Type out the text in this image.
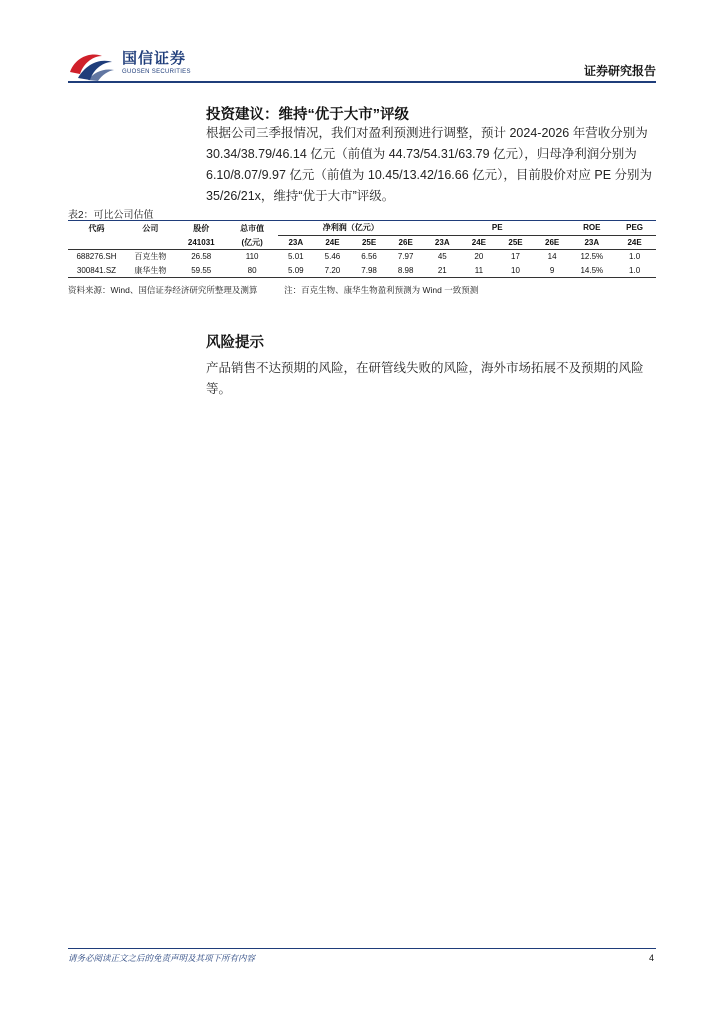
国信证券
GUOSEN SECURITIES	证券研究报告
投资建议：维持“优于大市”评级
根据公司三季报情况，我们对盈利预测进行调整，预计 2024-2026 年营收分别为 30.34/38.79/46.14 亿元（前值为 44.73/54.31/63.79 亿元），归母净利润分别为 6.10/8.07/9.97 亿元（前值为 10.45/13.42/16.66 亿元），目前股价对应 PE 分别为 35/26/21x，维持“优于大市”评级。
表2：可比公司估值
代码	公司	股价	总市值	净利润（亿元）				PE				ROE	PEG
		241031	(亿元)	23A	24E	25E	26E	23A	24E	25E	26E	23A	24E
688276.SH	百克生物	26.58	110	5.01	5.46	6.56	7.97	45	20	17	14	12.5%	1.0
300841.SZ	康华生物	59.55	80	5.09	7.20	7.98	8.98	21	11	10	9	14.5%	1.0
资料来源：Wind、国信证券经济研究所整理及测算	注：百克生物、康华生物盈利预测为 Wind 一致预测
风险提示
产品销售不达预期的风险，在研管线失败的风险，海外市场拓展不及预期的风险等。
请务必阅读正文之后的免责声明及其项下所有内容	4
